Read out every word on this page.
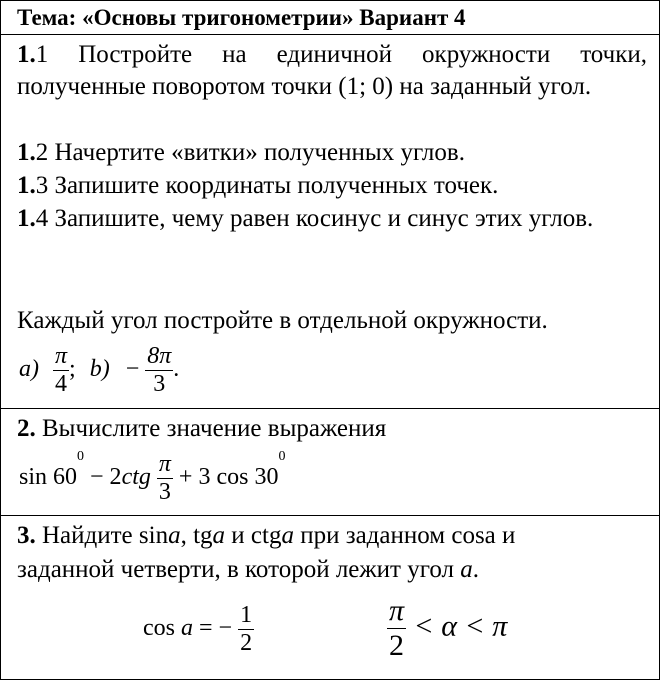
Тема: «Основы тригонометрии» Вариант 4
1.1 Постройте на единичной окружности точки, полученные поворотом точки (1; 0) на заданный угол.
1.2 Начертите «витки» полученных углов.
1.3 Запишите координаты полученных точек.
1.4 Запишите, чему равен косинус и синус этих углов.
Каждый угол постройте в отдельной окружности.
$a) \frac{\pi}{4}$ ; $b) - \frac{8\pi}{3}$ .
2. Вычислите значение выражения
$\sin 60^0 - 2ctg \frac{\pi}{3} + 3$ $\cos 30^0$
3. Найдите sina, tga и ctga при заданном cosa и
заданной четверти, в которой лежит угол a.
cos a = − $\frac{1}{2}$	$\frac{\pi}{2} < \alpha < \pi$
